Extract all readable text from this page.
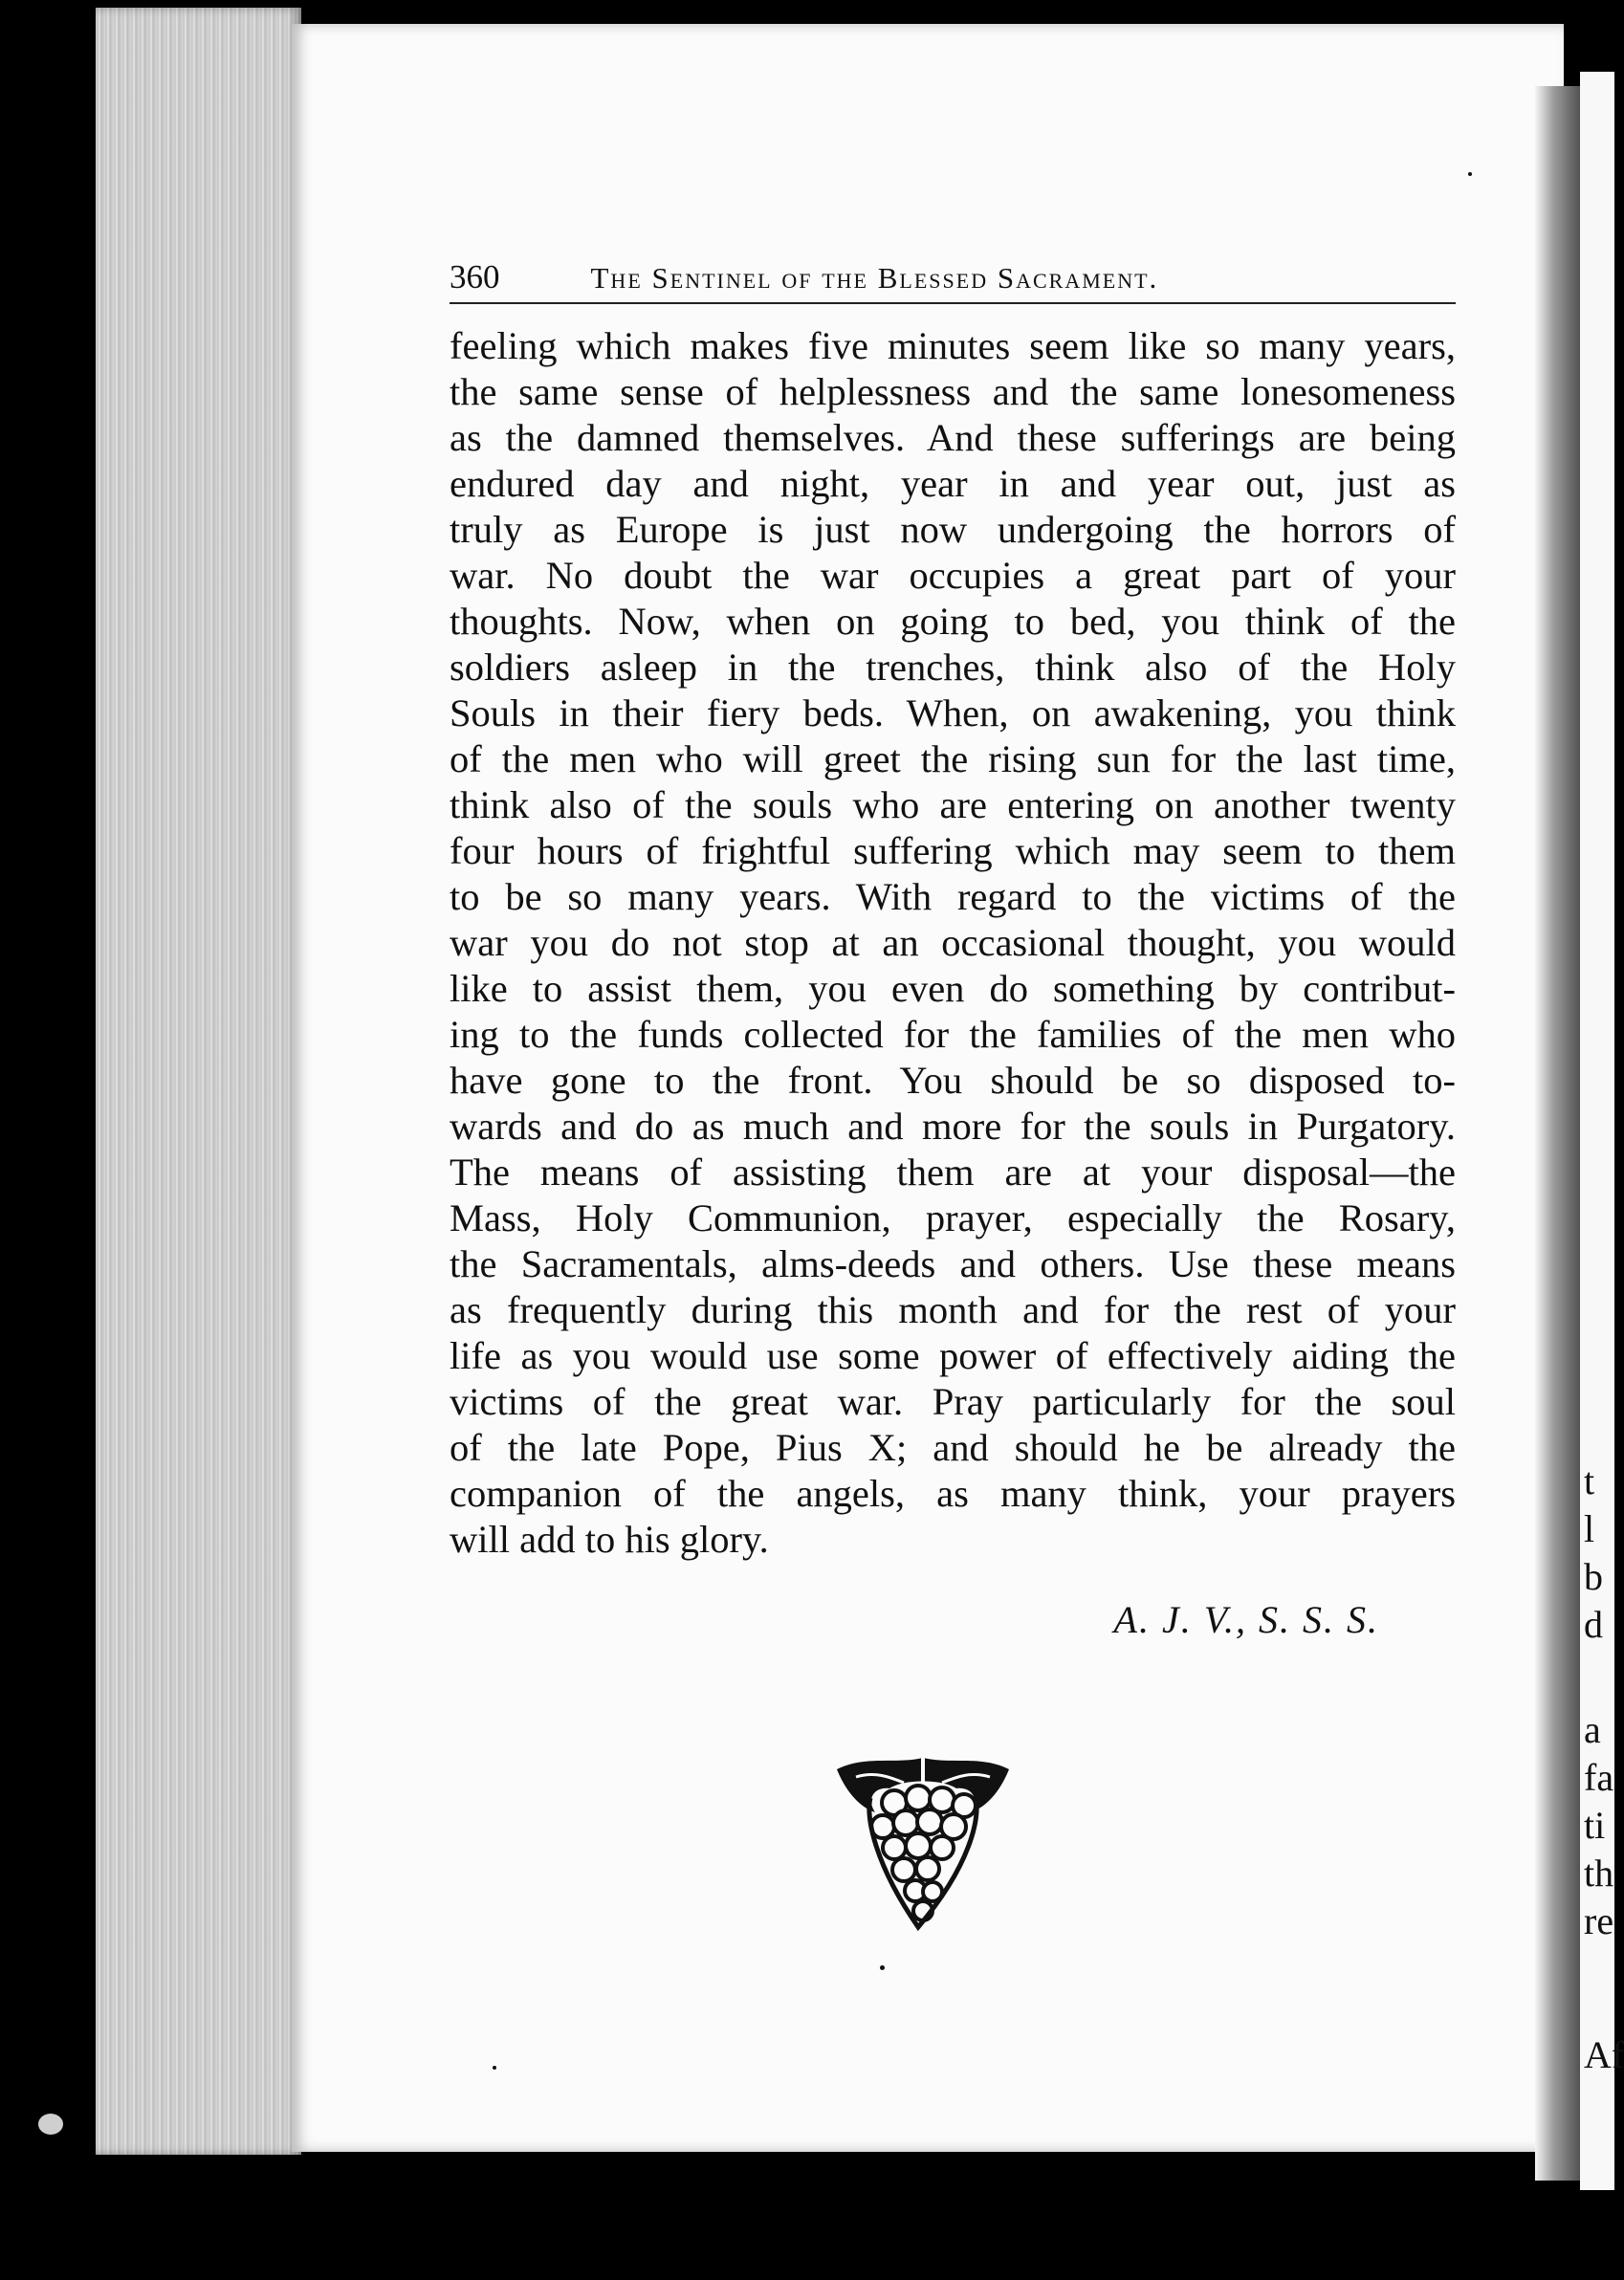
t
l
b
d
a
fa
ti
th
re
Af
360	The Sentinel of the Blessed Sacrament.
feeling which makes five minutes seem like so many years,
the same sense of helplessness and the same lonesomeness
as the damned themselves. And these sufferings are being
endured day and night, year in and year out, just as
truly as Europe is just now undergoing the horrors of
war. No doubt the war occupies a great part of your
thoughts. Now, when on going to bed, you think of the
soldiers asleep in the trenches, think also of the Holy
Souls in their fiery beds. When, on awakening, you think
of the men who will greet the rising sun for the last time,
think also of the souls who are entering on another twenty
four hours of frightful suffering which may seem to them
to be so many years. With regard to the victims of the
war you do not stop at an occasional thought, you would
like to assist them, you even do something by contribut-
ing to the funds collected for the families of the men who
have gone to the front. You should be so disposed to-
wards and do as much and more for the souls in Purgatory.
The means of assisting them are at your disposal—the
Mass, Holy Communion, prayer, especially the Rosary,
the Sacramentals, alms-deeds and others. Use these means
as frequently during this month and for the rest of your
life as you would use some power of effectively aiding the
victims of the great war. Pray particularly for the soul
of the late Pope, Pius X; and should he be already the
companion of the angels, as many think, your prayers
will add to his glory.
A. J. V., S. S. S.
